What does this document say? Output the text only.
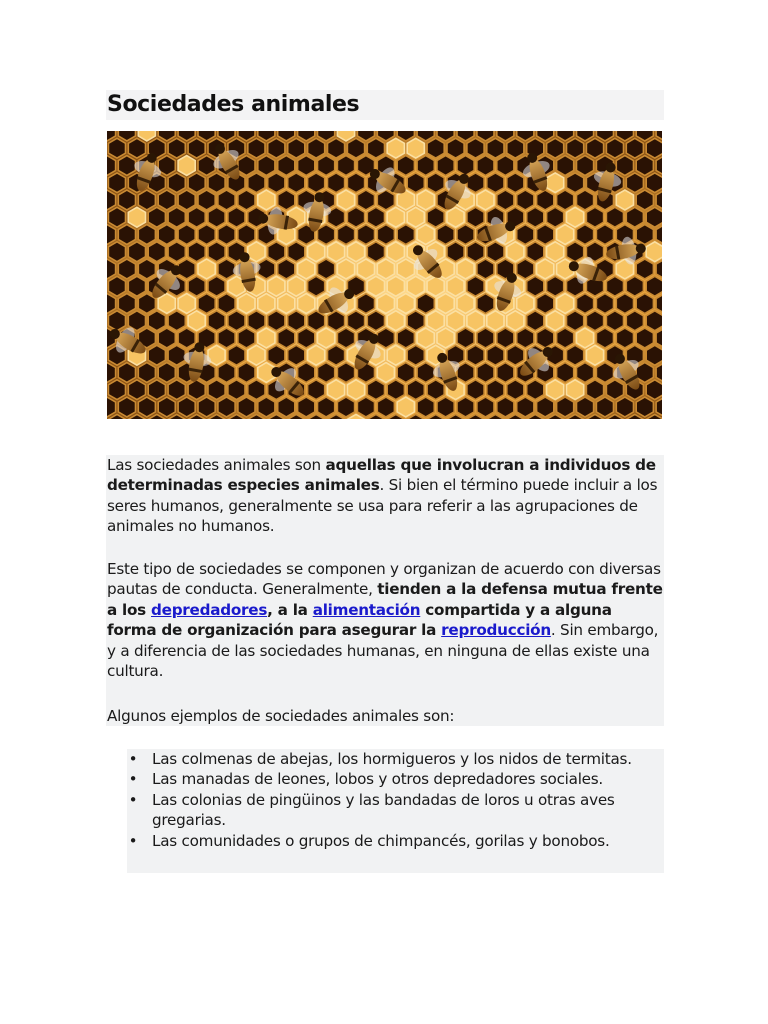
Sociedades animales

Las sociedades animales son aquellas que involucran a individuos de determinadas especies animales. Si bien el término puede incluir a los seres humanos, generalmente se usa para referir a las agrupaciones de animales no humanos.

Este tipo de sociedades se componen y organizan de acuerdo con diversas pautas de conducta. Generalmente, tienden a la defensa mutua frente a los depredadores, a la alimentación compartida y a alguna forma de organización para asegurar la reproducción. Sin embargo, y a diferencia de las sociedades humanas, en ninguna de ellas existe una cultura.

Algunos ejemplos de sociedades animales son:

• Las colmenas de abejas, los hormigueros y los nidos de termitas.
• Las manadas de leones, lobos y otros depredadores sociales.
• Las colonias de pingüinos y las bandadas de loros u otras aves gregarias.
• Las comunidades o grupos de chimpancés, gorilas y bonobos.
